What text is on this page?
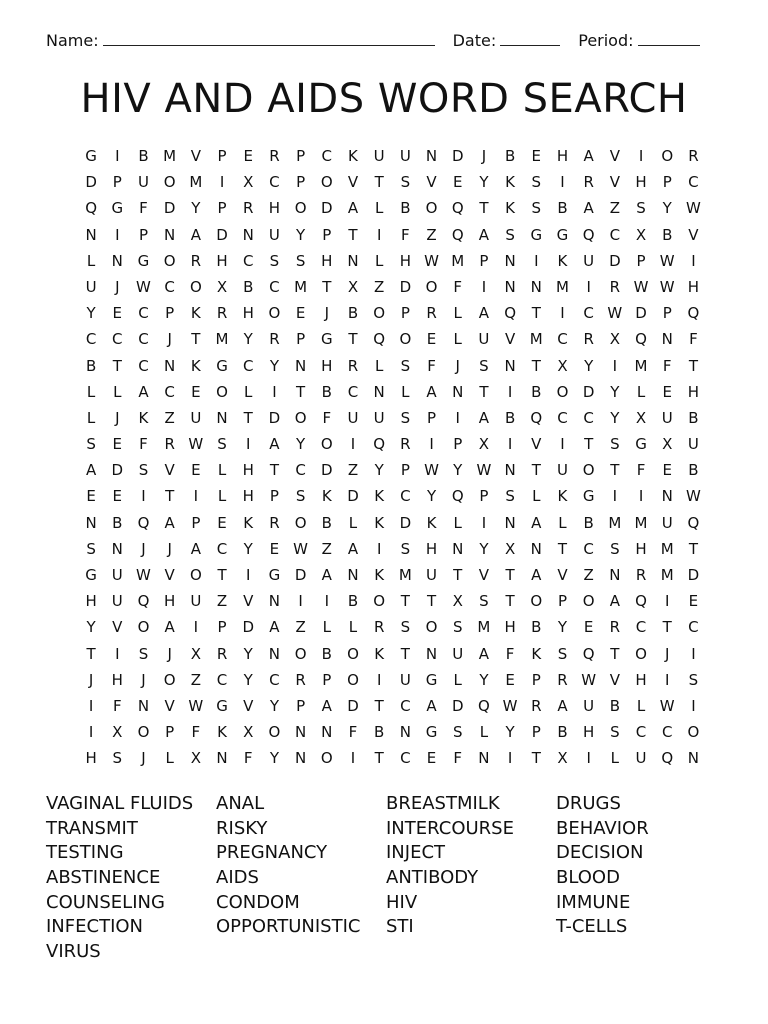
Name:	Date:	Period:
HIV AND AIDS WORD SEARCH
G	I	B M V	P	E	R	P	C	K	U	U	N D	J	B	E	H	A	V	I	O	R
D	P	U O M	I	X	C	P	O	V	T	S	V	E	Y	K	S	I	R	V	H	P	C
Q G	F	D	Y	P	R	H O D	A	L	B	O Q	T	K	S	B	A	Z	S	Y W
N	I	P	N	A	D N	U	Y	P	T	I	F	Z	Q	A	S	G G Q	C	X	B	V
L	N G O	R	H	C	S	S	H N	L	H W M	P	N	I	K	U D	P W	I
U	J	W C	O	X	B	C M	T	X	Z	D O	F	I	N N M	I	R W W H
Y	E	C	P	K	R	H O	E	J	B	O	P	R	L	A	Q	T	I	C W D	P	Q
C	C	C	J	T	M	Y	R	P	G	T	Q O	E	L	U	V M C	R	X	Q N	F
B	T	C	N	K	G	C	Y	N H	R	L	S	F	J	S	N	T	X	Y	I	M	F	T
L	L	A	C	E	O	L	I	T	B	C	N	L	A	N	T	I	B	O D	Y	L	E	H
L	J	K	Z	U	N	T	D O	F	U	U	S	P	I	A	B	Q	C	C	Y	X	U	B
S	E	F	R W S	I	A	Y	O	I	Q	R	I	P	X	I	V	I	T	S	G	X	U
A	D	S	V	E	L	H	T	C	D	Z	Y	P W Y W N	T	U O	T	F	E	B
E	E	I	T	I	L	H	P	S	K	D	K	C	Y	Q	P	S	L	K	G	I	I	N W
N	B	Q	A	P	E	K	R	O	B	L	K	D	K	L	I	N	A	L	B M M U Q
S	N	J	J	A	C	Y	E W Z	A	I	S	H N	Y	X	N	T	C	S	H M	T
G U W V	O	T	I	G D	A	N	K M U	T	V	T	A	V	Z	N	R M D
H	U Q H	U	Z	V	N	I	I	B	O	T	T	X	S	T	O	P	O	A	Q	I	E
Y	V	O	A	I	P	D	A	Z	L	L	R	S	O	S M H	B	Y	E	R	C	T	C
T	I	S	J	X	R	Y	N O	B	O	K	T	N	U	A	F	K	S	Q	T	O	J	I
J	H	J	O	Z	C	Y	C	R	P	O	I	U G	L	Y	E	P	R W V	H	I	S
I	F	N	V W G	V	Y	P	A	D	T	C	A	D Q W R	A	U	B	L W	I
I	X	O	P	F	K	X	O N N	F	B	N G	S	L	Y	P	B	H	S	C	C	O
H	S	J	L	X	N	F	Y	N O	I	T	C	E	F	N	I	T	X	I	L	U Q N
VAGINAL FLUIDS	ANAL	BREASTMILK	DRUGS
TRANSMIT	RISKY	INTERCOURSE	BEHAVIOR
TESTING	PREGNANCY	INJECT	DECISION
ABSTINENCE	AIDS	ANTIBODY	BLOOD
COUNSELING	CONDOM	HIV	IMMUNE
INFECTION	OPPORTUNISTIC	STI	T-CELLS
VIRUS
